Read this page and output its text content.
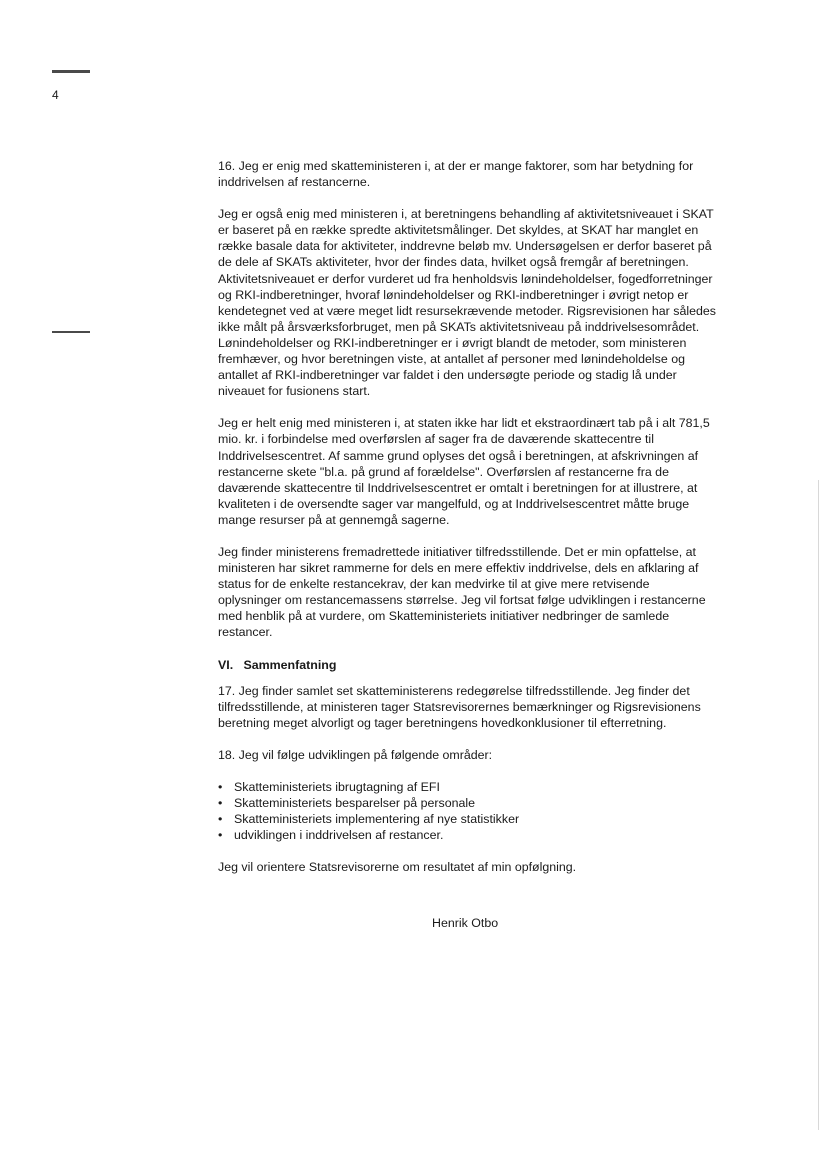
4

16. Jeg er enig med skatteministeren i, at der er mange faktorer, som har betydning for inddrivelsen af restancerne.

Jeg er også enig med ministeren i, at beretningens behandling af aktivitetsniveauet i SKAT er baseret på en række spredte aktivitetsmålinger. Det skyldes, at SKAT har manglet en række basale data for aktiviteter, inddrevne beløb mv. Undersøgelsen er derfor baseret på de dele af SKATs aktiviteter, hvor der findes data, hvilket også fremgår af beretningen. Aktivitetsniveauet er derfor vurderet ud fra henholdsvis lønindeholdelser, fogedforretninger og RKI-indberetninger, hvoraf lønindeholdelser og RKI-indberetninger i øvrigt netop er kendetegnet ved at være meget lidt resursekrævende metoder. Rigsrevisionen har således ikke målt på årsværksforbruget, men på SKATs aktivitetsniveau på inddrivelsesområdet. Lønindeholdelser og RKI-indberetninger er i øvrigt blandt de metoder, som ministeren fremhæver, og hvor beretningen viste, at antallet af personer med lønindeholdelse og antallet af RKI-indberetninger var faldet i den undersøgte periode og stadig lå under niveauet for fusionens start.

Jeg er helt enig med ministeren i, at staten ikke har lidt et ekstraordinært tab på i alt 781,5 mio. kr. i forbindelse med overførslen af sager fra de daværende skattecentre til Inddrivelsescentret. Af samme grund oplyses det også i beretningen, at afskrivningen af restancerne skete "bl.a. på grund af forældelse". Overførslen af restancerne fra de daværende skattecentre til Inddrivelsescentret er omtalt i beretningen for at illustrere, at kvaliteten i de oversendte sager var mangelfuld, og at Inddrivelsescentret måtte bruge mange resurser på at gennemgå sagerne.

Jeg finder ministerens fremadrettede initiativer tilfredsstillende. Det er min opfattelse, at ministeren har sikret rammerne for dels en mere effektiv inddrivelse, dels en afklaring af status for de enkelte restancekrav, der kan medvirke til at give mere retvisende oplysninger om restancemassens størrelse. Jeg vil fortsat følge udviklingen i restancerne med henblik på at vurdere, om Skatteministeriets initiativer nedbringer de samlede restancer.

VI. Sammenfatning

17. Jeg finder samlet set skatteministerens redegørelse tilfredsstillende. Jeg finder det tilfredsstillende, at ministeren tager Statsrevisorernes bemærkninger og Rigsrevisionens beretning meget alvorligt og tager beretningens hovedkonklusioner til efterretning.

18. Jeg vil følge udviklingen på følgende områder:

• Skatteministeriets ibrugtagning af EFI
• Skatteministeriets besparelser på personale
• Skatteministeriets implementering af nye statistikker
• udviklingen i inddrivelsen af restancer.

Jeg vil orientere Statsrevisorerne om resultatet af min opfølgning.

Henrik Otbo
